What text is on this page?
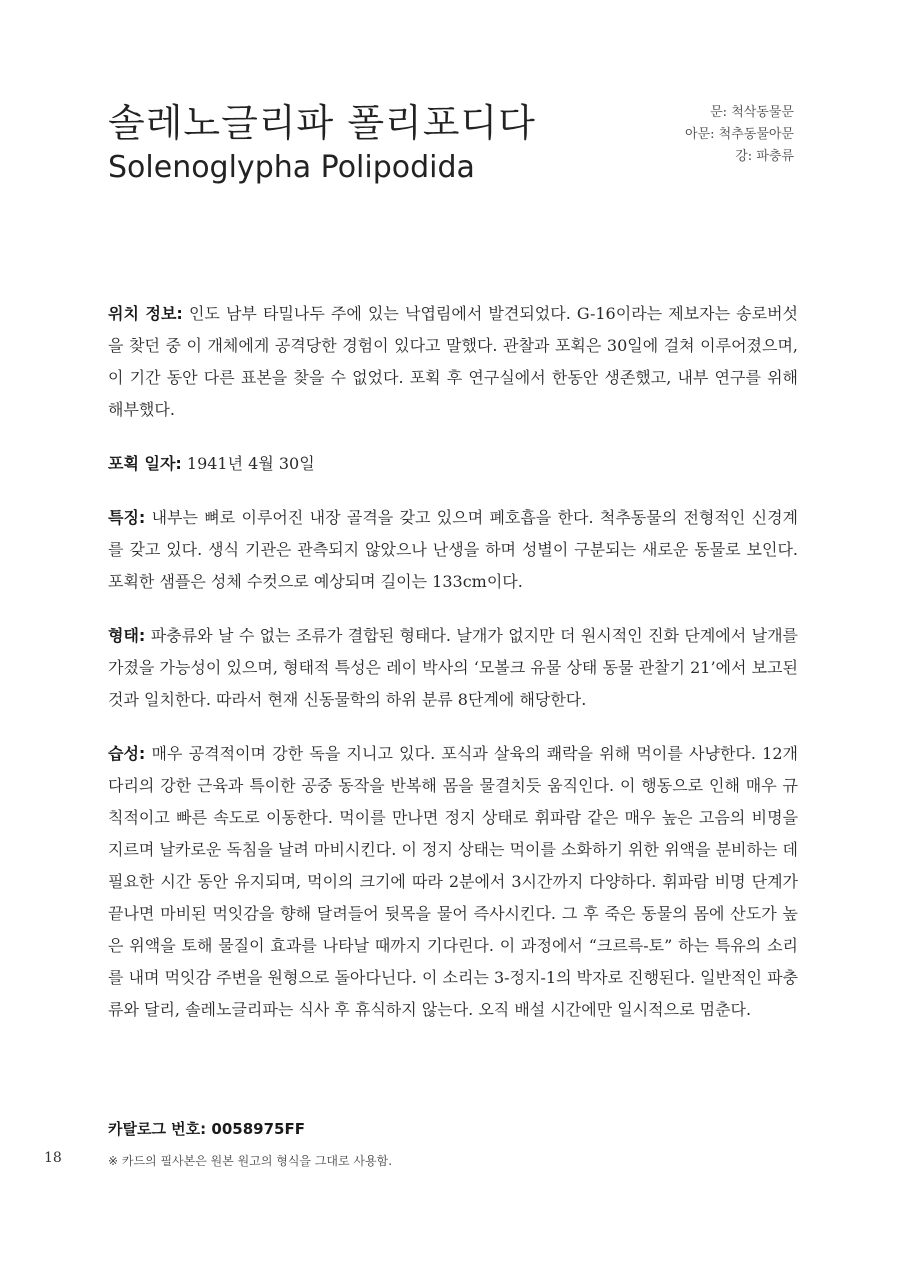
솔레노글리파 폴리포디다
Solenoglypha Polipodida
문: 척삭동물문
아문: 척추동물아문
강: 파충류

위치 정보: 인도 남부 타밀나두 주에 있는 낙엽림에서 발견되었다. G-16이라는 제보자는 송로버섯을 찾던 중 이 개체에게 공격당한 경험이 있다고 말했다. 관찰과 포획은 30일에 걸쳐 이루어졌으며, 이 기간 동안 다른 표본을 찾을 수 없었다. 포획 후 연구실에서 한동안 생존했고, 내부 연구를 위해 해부했다.

포획 일자: 1941년 4월 30일

특징: 내부는 뼈로 이루어진 내장 골격을 갖고 있으며 폐호흡을 한다. 척추동물의 전형적인 신경계를 갖고 있다. 생식 기관은 관측되지 않았으나 난생을 하며 성별이 구분되는 새로운 동물로 보인다. 포획한 샘플은 성체 수컷으로 예상되며 길이는 133cm이다.

형태: 파충류와 날 수 없는 조류가 결합된 형태다. 날개가 없지만 더 원시적인 진화 단계에서 날개를 가졌을 가능성이 있으며, 형태적 특성은 레이 박사의 ‘모볼크 유물 상태 동물 관찰기 21’에서 보고된 것과 일치한다. 따라서 현재 신동물학의 하위 분류 8단계에 해당한다.

습성: 매우 공격적이며 강한 독을 지니고 있다. 포식과 살육의 쾌락을 위해 먹이를 사냥한다. 12개 다리의 강한 근육과 특이한 공중 동작을 반복해 몸을 물결치듯 움직인다. 이 행동으로 인해 매우 규칙적이고 빠른 속도로 이동한다. 먹이를 만나면 정지 상태로 휘파람 같은 매우 높은 고음의 비명을 지르며 날카로운 독침을 날려 마비시킨다. 이 정지 상태는 먹이를 소화하기 위한 위액을 분비하는 데 필요한 시간 동안 유지되며, 먹이의 크기에 따라 2분에서 3시간까지 다양하다. 휘파람 비명 단계가 끝나면 마비된 먹잇감을 향해 달려들어 뒷목을 물어 즉사시킨다. 그 후 죽은 동물의 몸에 산도가 높은 위액을 토해 물질이 효과를 나타날 때까지 기다린다. 이 과정에서 “크르륵-토” 하는 특유의 소리를 내며 먹잇감 주변을 원형으로 돌아다닌다. 이 소리는 3-정지-1의 박자로 진행된다. 일반적인 파충류와 달리, 솔레노글리파는 식사 후 휴식하지 않는다. 오직 배설 시간에만 일시적으로 멈춘다.

카탈로그 번호: 0058975FF
18	※ 카드의 필사본은 원본 원고의 형식을 그대로 사용함.
